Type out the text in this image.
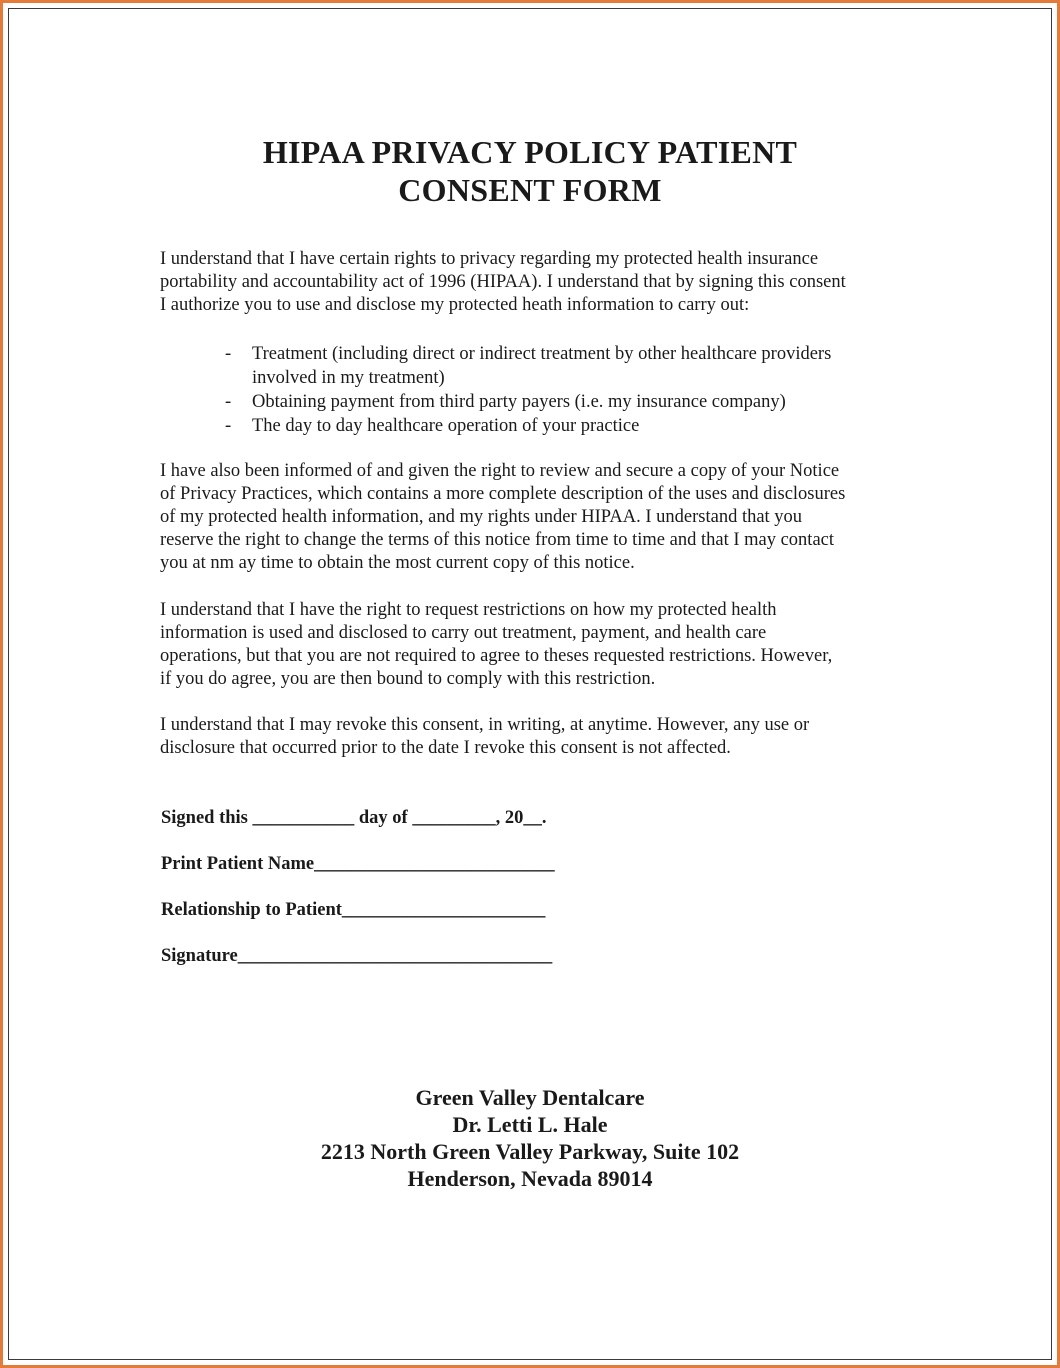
HIPAA PRIVACY POLICY PATIENT
CONSENT FORM

I understand that I have certain rights to privacy regarding my protected health insurance
portability and accountability act of 1996 (HIPAA). I understand that by signing this consent
I authorize you to use and disclose my protected heath information to carry out:

- Treatment (including direct or indirect treatment by other healthcare providers
involved in my treatment)
- Obtaining payment from third party payers (i.e. my insurance company)
- The day to day healthcare operation of your practice

I have also been informed of and given the right to review and secure a copy of your Notice
of Privacy Practices, which contains a more complete description of the uses and disclosures
of my protected health information, and my rights under HIPAA. I understand that you
reserve the right to change the terms of this notice from time to time and that I may contact
you at nm ay time to obtain the most current copy of this notice.

I understand that I have the right to request restrictions on how my protected health
information is used and disclosed to carry out treatment, payment, and health care
operations, but that you are not required to agree to theses requested restrictions. However,
if you do agree, you are then bound to comply with this restriction.

I understand that I may revoke this consent, in writing, at anytime. However, any use or
disclosure that occurred prior to the date I revoke this consent is not affected.

Signed this ___________ day of _________, 20__.
Print Patient Name__________________________
Relationship to Patient______________________
Signature__________________________________
Green Valley Dentalcare
Dr. Letti L. Hale
2213 North Green Valley Parkway, Suite 102
Henderson, Nevada 89014
